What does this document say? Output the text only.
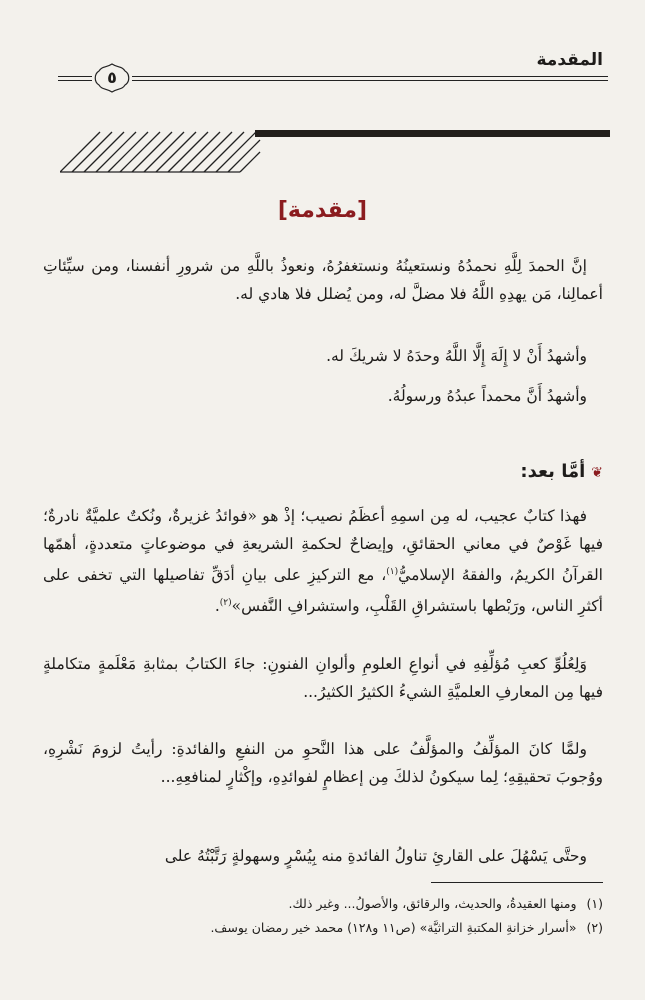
المقدمة
٥
[مقدمة]

إنَّ الحمدَ لِلَّهِ نحمدُهُ ونستعينُهُ ونستغفرُهُ، ونعوذُ باللَّهِ من شرورِ أنفسنا، ومن سيِّئاتِ أعمالِنا، مَن يهدِهِ اللَّهُ فلا مضلَّ له، ومن يُضلل فلا هادي له.

وأشهدُ أَنْ لا إِلَهَ إِلَّا اللَّهُ وحدَهُ لا شريكَ له.

وأشهدُ أَنَّ محمداً عبدُهُ ورسولُهُ.

❦أمَّا بعد:

فهذا كتابٌ عجيب، له مِن اسمِهِ أعظَمُ نصيب؛ إذْ هو «فوائدُ غزيرةٌ، ونُكتٌ علميَّةٌ نادرةٌ؛ فيها غَوْصٌ في معاني الحقائقِ، وإيضاحٌ لحكمةِ الشريعةِ في موضوعاتٍ متعددةٍ، أهمّها القرآنُ الكريمُ، والفقهُ الإسلاميُّ$^{(١)}$، مع التركيزِ على بيانِ أدَقِّ تفاصيلها التي تخفى على أكثرِ الناس، ورَبْطها باستشراقِ القَلْبِ، واستشرافِ النَّفس»$^{(٢)}$.

وَلِعُلُوِّ كعبِ مُؤلِّفِهِ في أنواعِ العلومِ وألوانِ الفنونِ: جاءَ الكتابُ بمثابةِ مَعْلَمةٍ متكاملةٍ فيها مِن المعارفِ العلميَّةِ الشيءُ الكثيرُ الكثيرُ...

ولمَّا كانَ المؤلِّفُ والمؤلَّفُ على هذا النَّحوِ من النفعِ والفائدةِ: رأيتُ لزومَ نَشْرِهِ، ووُجوبَ تحقيقِهِ؛ لِما سيكونُ لذلكَ مِن إعظامٍ لفوائدِهِ، وإكْثارٍ لمنافعِهِ...

وحتَّى يَسْهُلَ على القارئِ تناولُ الفائدةِ منه بِيُسْرٍ وسهولةٍ رَتَّبْتُهُ على

(١)ومنها العقيدةُ، والحديث، والرقائق، والأصولُ... وغير ذلك.
(٢)«أسرار خزانةِ المكتبةِ التراثيَّة» (ص١١ و١٢٨) محمد خير رمضان يوسف.
